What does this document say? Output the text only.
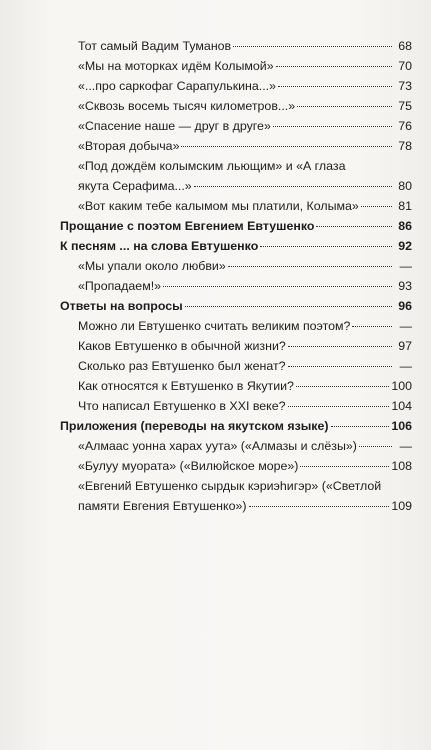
Тот самый Вадим Туманов	68
«Мы на моторках идём Колымой»	70
«...про саркофаг Сарапулькина...»	73
«Сквозь восемь тысяч километров...»	75
«Спасение наше — друг в друге»	76
«Вторая добыча»	78
«Под дождём колымским льющим» и «А глаза
якута Серафима...»	80
«Вот каким тебе калымом мы платили, Колыма»	81
Прощание с поэтом Евгением Евтушенко	86
К песням ... на слова Евтушенко	92
«Мы упали около любви»	—
«Пропадаем!»	93
Ответы на вопросы	96
Можно ли Евтушенко считать великим поэтом?	—
Каков Евтушенко в обычной жизни?	97
Сколько раз Евтушенко был женат?	—
Как относятся к Евтушенко в Якутии?	100
Что написал Евтушенко в XXI веке?	104
Приложения (переводы на якутском языке)	106
«Алмаас уонна харах уута» («Алмазы и слёзы»)	—
«Булуу муората» («Вилюйское море»)	108
«Евгений Евтушенко сырдык кэриэһигэр» («Светлой
памяти Евгения Евтушенко»)	109
